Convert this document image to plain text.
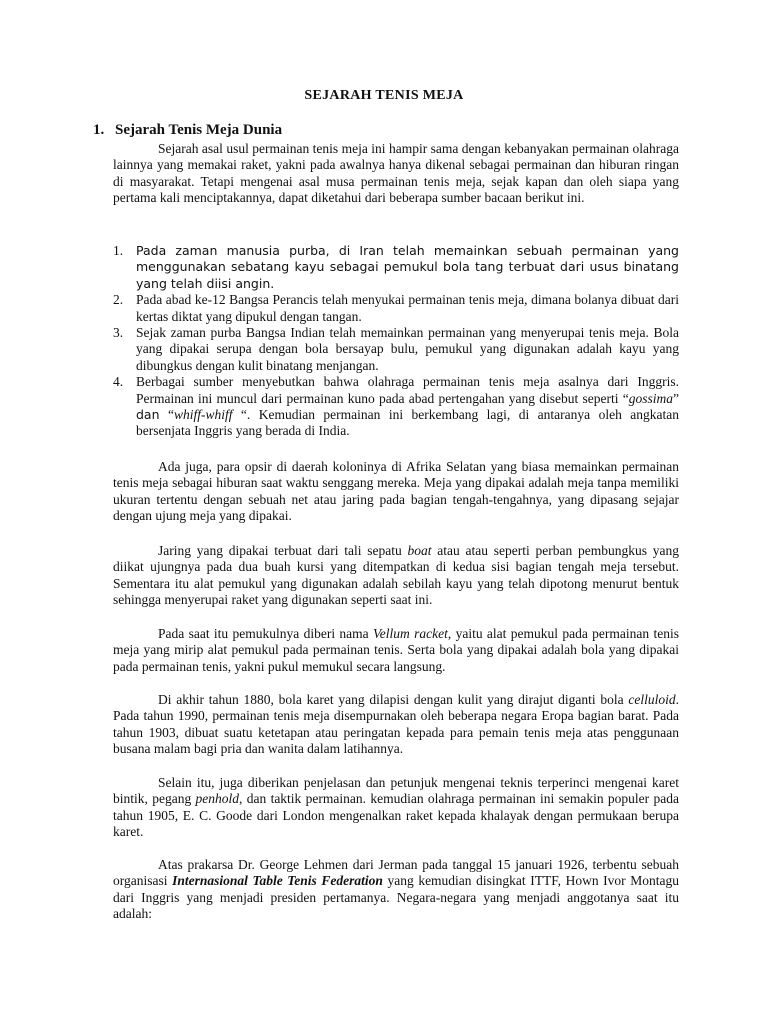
SEJARAH TENIS MEJA
1. Sejarah Tenis Meja Dunia

Sejarah asal usul permainan tenis meja ini hampir sama dengan kebanyakan permainan olahraga lainnya yang memakai raket, yakni pada awalnya hanya dikenal sebagai permainan dan hiburan ringan di masyarakat. Tetapi mengenai asal musa permainan tenis meja, sejak kapan dan oleh siapa yang pertama kali menciptakannya, dapat diketahui dari beberapa sumber bacaan berikut ini.

1. Pada zaman manusia purba, di Iran telah memainkan sebuah permainan yang menggunakan sebatang kayu sebagai pemukul bola tang terbuat dari usus binatang yang telah diisi angin.
2. Pada abad ke-12 Bangsa Perancis telah menyukai permainan tenis meja, dimana bolanya dibuat dari kertas diktat yang dipukul dengan tangan.
3. Sejak zaman purba Bangsa Indian telah memainkan permainan yang menyerupai tenis meja. Bola yang dipakai serupa dengan bola bersayap bulu, pemukul yang digunakan adalah kayu yang dibungkus dengan kulit binatang menjangan.
4. Berbagai sumber menyebutkan bahwa olahraga permainan tenis meja asalnya dari Inggris. Permainan ini muncul dari permainan kuno pada abad pertengahan yang disebut seperti “gossima” dan “whiff-whiff “. Kemudian permainan ini berkembang lagi, di antaranya oleh angkatan bersenjata Inggris yang berada di India.

Ada juga, para opsir di daerah koloninya di Afrika Selatan yang biasa memainkan permainan tenis meja sebagai hiburan saat waktu senggang mereka. Meja yang dipakai adalah meja tanpa memiliki ukuran tertentu dengan sebuah net atau jaring pada bagian tengah-tengahnya, yang dipasang sejajar dengan ujung meja yang dipakai.

Jaring yang dipakai terbuat dari tali sepatu boat atau atau seperti perban pembungkus yang diikat ujungnya pada dua buah kursi yang ditempatkan di kedua sisi bagian tengah meja tersebut. Sementara itu alat pemukul yang digunakan adalah sebilah kayu yang telah dipotong menurut bentuk sehingga menyerupai raket yang digunakan seperti saat ini.

Pada saat itu pemukulnya diberi nama Vellum racket, yaitu alat pemukul pada permainan tenis meja yang mirip alat pemukul pada permainan tenis. Serta bola yang dipakai adalah bola yang dipakai pada permainan tenis, yakni pukul memukul secara langsung.

Di akhir tahun 1880, bola karet yang dilapisi dengan kulit yang dirajut diganti bola celluloid. Pada tahun 1990, permainan tenis meja disempurnakan oleh beberapa negara Eropa bagian barat. Pada tahun 1903, dibuat suatu ketetapan atau peringatan kepada para pemain tenis meja atas penggunaan busana malam bagi pria dan wanita dalam latihannya.

Selain itu, juga diberikan penjelasan dan petunjuk mengenai teknis terperinci mengenai karet bintik, pegang penhold, dan taktik permainan. kemudian olahraga permainan ini semakin populer pada tahun 1905, E. C. Goode dari London mengenalkan raket kepada khalayak dengan permukaan berupa karet.

Atas prakarsa Dr. George Lehmen dari Jerman pada tanggal 15 januari 1926, terbentu sebuah organisasi Internasional Table Tenis Federation yang kemudian disingkat ITTF, Hown Ivor Montagu dari Inggris yang menjadi presiden pertamanya. Negara-negara yang menjadi anggotanya saat itu adalah:
